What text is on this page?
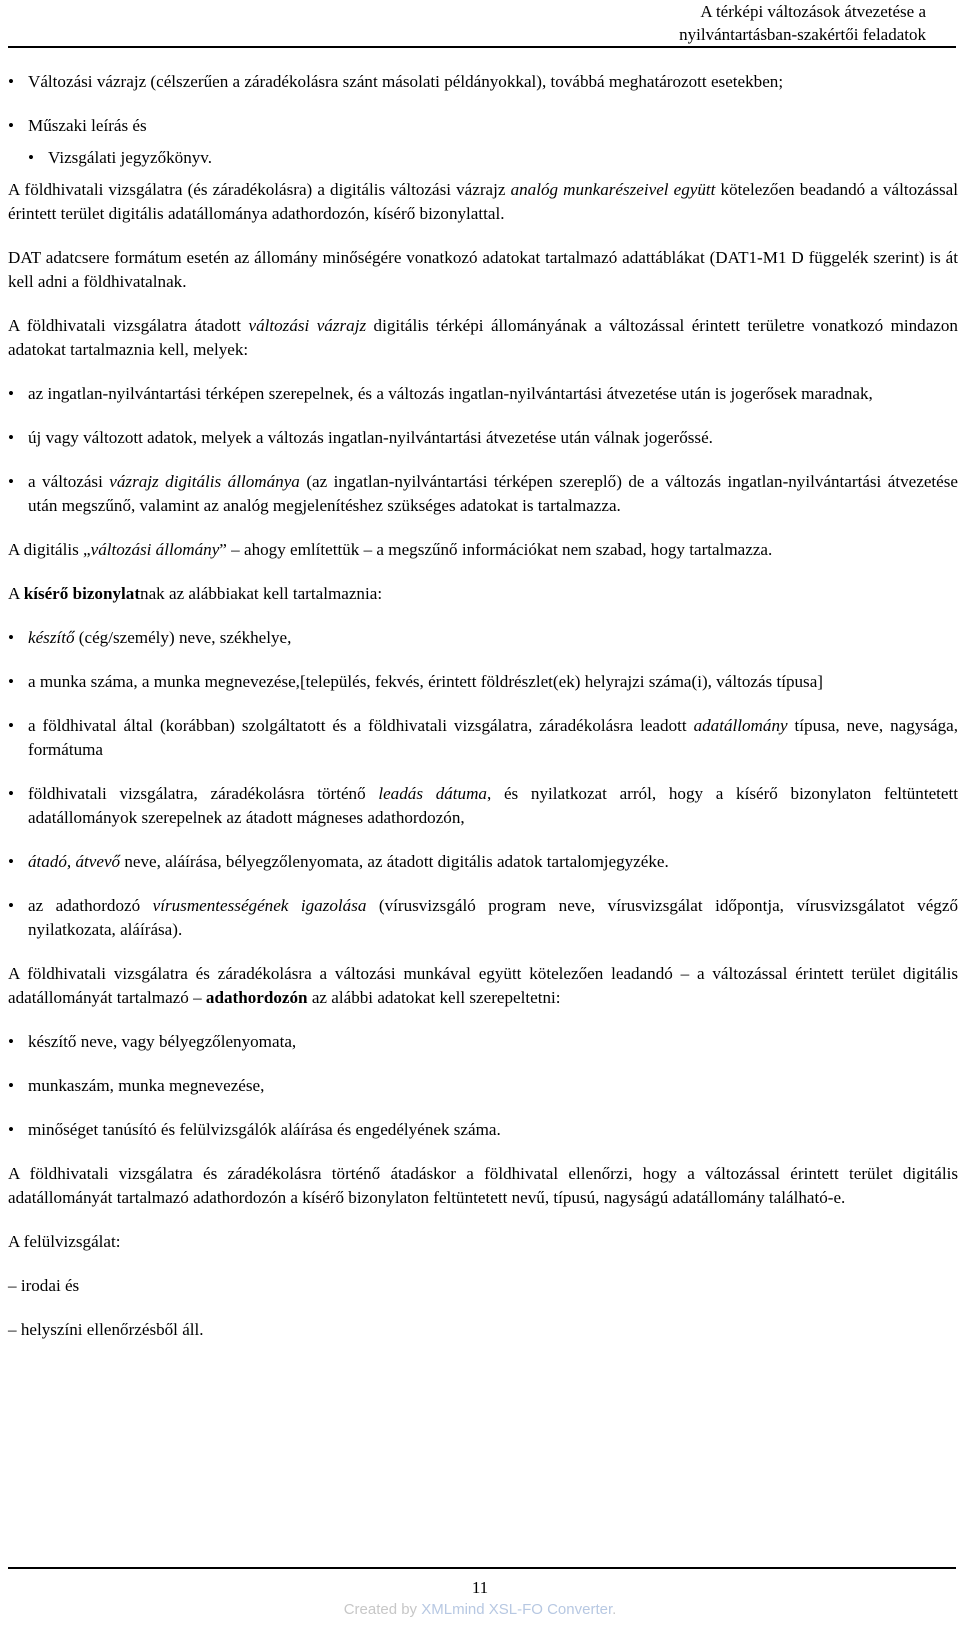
A térképi változások átvezetése a
nyilvántartásban-szakértői feladatok

• Változási vázrajz (célszerűen a záradékolásra szánt másolati példányokkal), továbbá meghatározott esetekben;

• Műszaki leírás és

• Vizsgálati jegyzőkönyv.

A földhivatali vizsgálatra (és záradékolásra) a digitális változási vázrajz analóg munkarészeivel együtt kötelezően beadandó a változással érintett terület digitális adatállománya adathordozón, kísérő bizonylattal.

DAT adatcsere formátum esetén az állomány minőségére vonatkozó adatokat tartalmazó adattáblákat (DAT1-M1 D függelék szerint) is át kell adni a földhivatalnak.

A földhivatali vizsgálatra átadott változási vázrajz digitális térképi állományának a változással érintett területre vonatkozó mindazon adatokat tartalmaznia kell, melyek:

• az ingatlan-nyilvántartási térképen szerepelnek, és a változás ingatlan-nyilvántartási átvezetése után is jogerősek maradnak,

• új vagy változott adatok, melyek a változás ingatlan-nyilvántartási átvezetése után válnak jogerőssé.

• a változási vázrajz digitális állománya (az ingatlan-nyilvántartási térképen szereplő) de a változás ingatlan-nyilvántartási átvezetése után megszűnő, valamint az analóg megjelenítéshez szükséges adatokat is tartalmazza.

A digitális „változási állomány” – ahogy említettük – a megszűnő információkat nem szabad, hogy tartalmazza.

A kísérő bizonylatnak az alábbiakat kell tartalmaznia:

• készítő (cég/személy) neve, székhelye,

• a munka száma, a munka megnevezése,[település, fekvés, érintett földrészlet(ek) helyrajzi száma(i), változás típusa]

• a földhivatal által (korábban) szolgáltatott és a földhivatali vizsgálatra, záradékolásra leadott adatállomány típusa, neve, nagysága, formátuma

• földhivatali vizsgálatra, záradékolásra történő leadás dátuma, és nyilatkozat arról, hogy a kísérő bizonylaton feltüntetett adatállományok szerepelnek az átadott mágneses adathordozón,

• átadó, átvevő neve, aláírása, bélyegzőlenyomata, az átadott digitális adatok tartalomjegyzéke.

• az adathordozó vírusmentességének igazolása (vírusvizsgáló program neve, vírusvizsgálat időpontja, vírusvizsgálatot végző nyilatkozata, aláírása).

A földhivatali vizsgálatra és záradékolásra a változási munkával együtt kötelezően leadandó – a változással érintett terület digitális adatállományát tartalmazó – adathordozón az alábbi adatokat kell szerepeltetni:

• készítő neve, vagy bélyegzőlenyomata,

• munkaszám, munka megnevezése,

• minőséget tanúsító és felülvizsgálók aláírása és engedélyének száma.

A földhivatali vizsgálatra és záradékolásra történő átadáskor a földhivatal ellenőrzi, hogy a változással érintett terület digitális adatállományát tartalmazó adathordozón a kísérő bizonylaton feltüntetett nevű, típusú, nagyságú adatállomány található-e.

A felülvizsgálat:

– irodai és

– helyszíni ellenőrzésből áll.

11
Created by XMLmind XSL-FO Converter.
